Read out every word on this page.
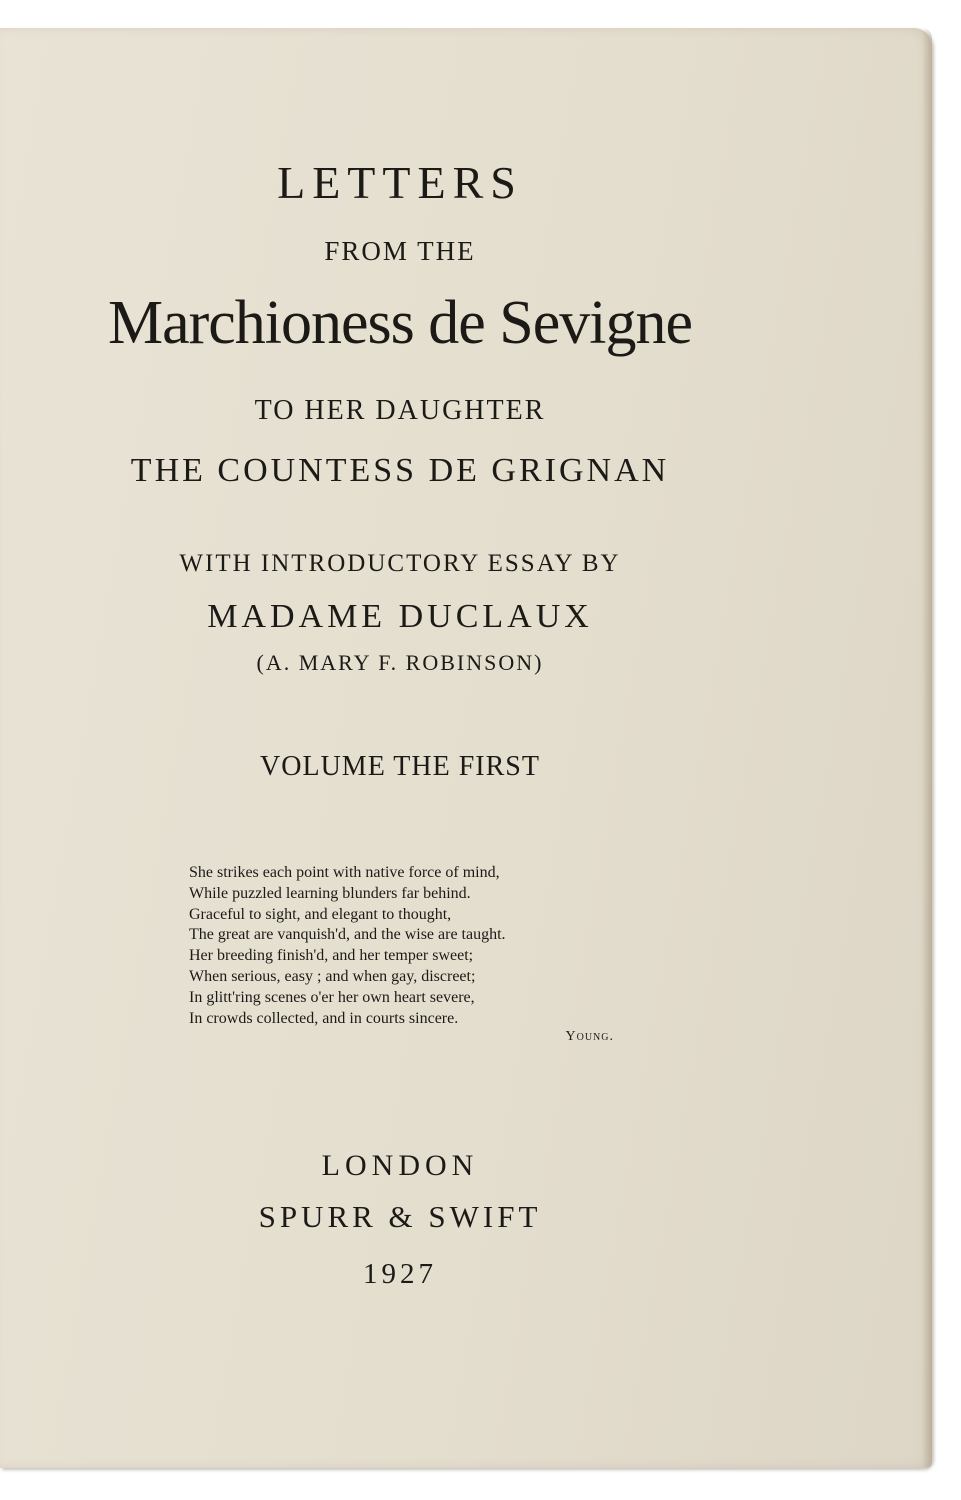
LETTERS

FROM THE

Marchioness de Sevigne

TO HER DAUGHTER

THE COUNTESS DE GRIGNAN

WITH INTRODUCTORY ESSAY BY

MADAME DUCLAUX

(A. MARY F. ROBINSON)

VOLUME THE FIRST

She strikes each point with native force of mind,
While puzzled learning blunders far behind.
Graceful to sight, and elegant to thought,
The great are vanquish'd, and the wise are taught.
Her breeding finish'd, and her temper sweet;
When serious, easy ; and when gay, discreet;
In glitt'ring scenes o'er her own heart severe,
In crowds collected, and in courts sincere.
Young.

LONDON

SPURR & SWIFT

1927
